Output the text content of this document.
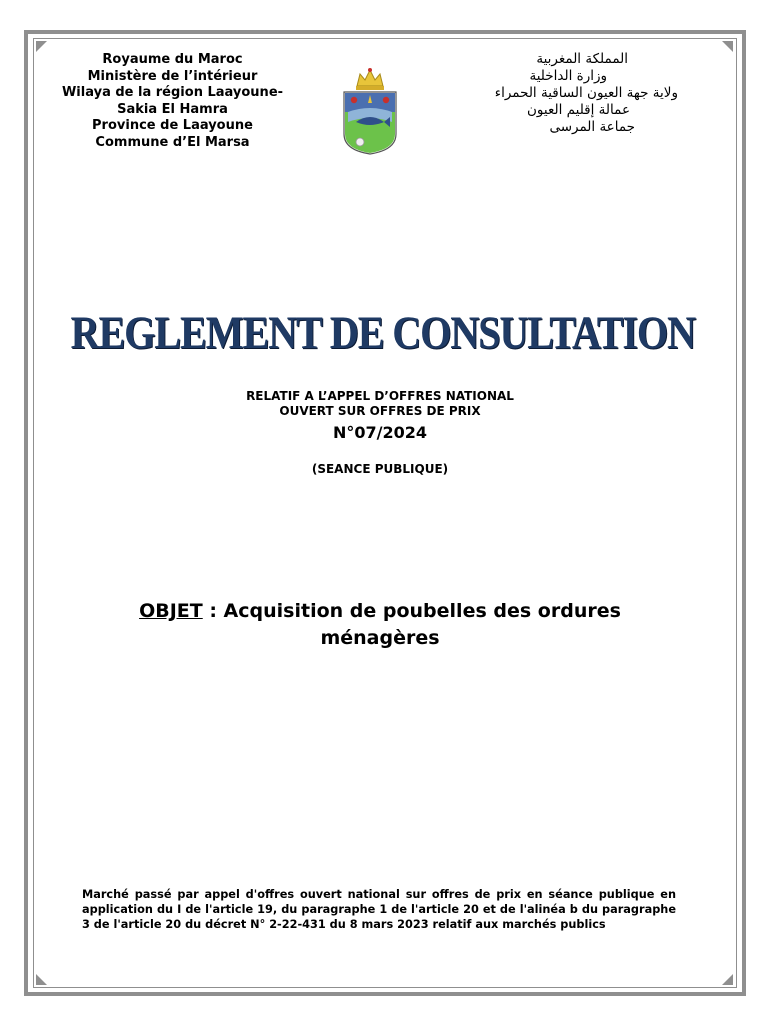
Royaume du Maroc
Ministère de l’intérieur
Wilaya de la région Laayoune-
Sakia El Hamra
Province de Laayoune
Commune d’El Marsa
المملكة المغربية
وزارة الداخلية
ولاية جهة العيون الساقية الحمراء
عمالة إقليم العيون
جماعة المرسى
REGLEMENT DE CONSULTATION
RELATIF A L’APPEL D’OFFRES NATIONAL
OUVERT SUR OFFRES DE PRIX
N°07/2024
(SEANCE PUBLIQUE)
OBJET : Acquisition de poubelles des ordures ménagères
Marché passé par appel d'offres ouvert national sur offres de prix en séance publique en application du I de l'article 19, du paragraphe 1 de l'article 20 et de l'alinéa b du paragraphe 3 de l'article 20 du décret N° 2-22-431 du 8 mars 2023 relatif aux marchés publics
